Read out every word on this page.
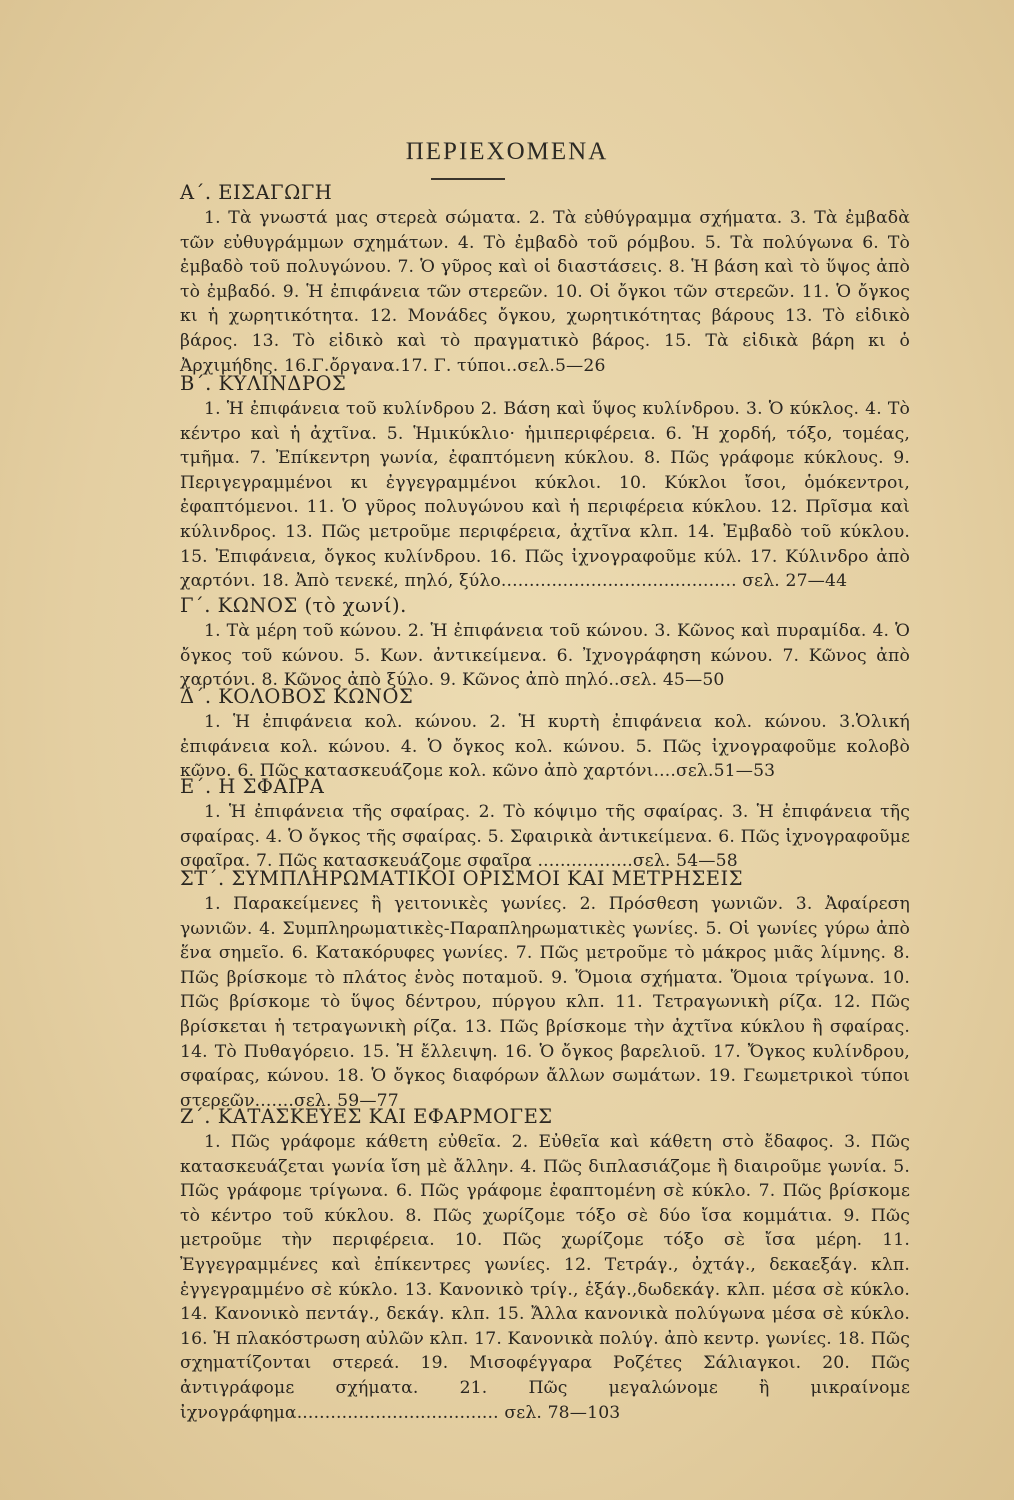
ΠΕΡΙΕΧΟΜΕΝΑ
Α΄. ΕΙΣΑΓΩΓΗ
1. Τὰ γνωστά μας στερεὰ σώματα. 2. Τὰ εὐθύγραμμα σχήματα. 3. Τὰ ἐμβαδὰ τῶν εὐθυγράμμων σχημάτων. 4. Τὸ ἐμβαδὸ τοῦ ρόμβου. 5. Τὰ πολύγωνα 6. Τὸ ἐμβαδὸ τοῦ πολυγώνου. 7. Ὁ γῦρος καὶ οἱ διαστάσεις. 8. Ἡ βάση καὶ τὸ ὕψος ἀπὸ τὸ ἐμβαδό. 9. Ἡ ἐπιφάνεια τῶν στερεῶν. 10. Οἱ ὄγκοι τῶν στερεῶν. 11. Ὁ ὄγκος κι ἡ χωρητικότητα. 12. Μονάδες ὄγκου, χωρητικότητας βάρους 13. Τὸ εἰδικὸ βάρος. 13. Τὸ εἰδικὸ καὶ τὸ πραγματικὸ βάρος. 15. Τὰ εἰδικὰ βάρη κι ὁ Ἀρχιμήδης. 16.Γ.ὄργανα.17. Γ. τύποι..σελ.5—26
Β΄. ΚΥΛΙΝΔΡΟΣ
1. Ἡ ἐπιφάνεια τοῦ κυλίνδρου 2. Βάση καὶ ὕψος κυλίνδρου. 3. Ὁ κύκλος. 4. Τὸ κέντρο καὶ ἡ ἀχτῖνα. 5. Ἡμικύκλιο· ἡμιπεριφέρεια. 6. Ἡ χορδή, τόξο, τομέας, τμῆμα. 7. Ἐπίκεντρη γωνία, ἐφαπτόμενη κύκλου. 8. Πῶς γράφομε κύκλους. 9. Περιγεγραμμένοι κι ἐγγεγραμμένοι κύκλοι. 10. Κύκλοι ἴσοι, ὁμόκεντροι, ἐφαπτόμενοι. 11. Ὁ γῦρος πολυγώνου καὶ ἡ περιφέρεια κύκλου. 12. Πρῖσμα καὶ κύλινδρος. 13. Πῶς μετροῦμε περιφέρεια, ἀχτῖνα κλπ. 14. Ἐμβαδὸ τοῦ κύκλου. 15. Ἐπιφάνεια, ὄγκος κυλίνδρου. 16. Πῶς ἰχνογραφοῦμε κύλ. 17. Κύλινδρο ἀπὸ χαρτόνι. 18. Ἀπὸ τενεκέ, πηλό, ξύλο.......................................... σελ. 27—44
Γ΄. ΚΩΝΟΣ (τὸ χωνί).
1. Τὰ μέρη τοῦ κώνου. 2. Ἡ ἐπιφάνεια τοῦ κώνου. 3. Κῶνος καὶ πυραμίδα. 4. Ὁ ὄγκος τοῦ κώνου. 5. Κων. ἀντικείμενα. 6. Ἰχνογράφηση κώνου. 7. Κῶνος ἀπὸ χαρτόνι. 8. Κῶνος ἀπὸ ξύλο. 9. Κῶνος ἀπὸ πηλό..σελ. 45—50
Δ΄. ΚΟΛΟΒΟΣ ΚΩΝΟΣ
1. Ἡ ἐπιφάνεια κολ. κώνου. 2. Ἡ κυρτὴ ἐπιφάνεια κολ. κώνου. 3.Ὁλική ἐπιφάνεια κολ. κώνου. 4. Ὁ ὄγκος κολ. κώνου. 5. Πῶς ἰχνογραφοῦμε κολοβὸ κῶνο. 6. Πῶς κατασκευάζομε κολ. κῶνο ἀπὸ χαρτόνι....σελ.51—53
Ε΄. Η ΣΦΑΙΡΑ
1. Ἡ ἐπιφάνεια τῆς σφαίρας. 2. Τὸ κόψιμο τῆς σφαίρας. 3. Ἡ ἐπιφάνεια τῆς σφαίρας. 4. Ὁ ὄγκος τῆς σφαίρας. 5. Σφαιρικὰ ἀντικείμενα. 6. Πῶς ἰχνογραφοῦμε σφαῖρα. 7. Πῶς κατασκευάζομε σφαῖρα .................σελ. 54—58
ΣΤ΄. ΣΥΜΠΛΗΡΩΜΑΤΙΚΟΙ ΟΡΙΣΜΟΙ ΚΑΙ ΜΕΤΡΗΣΕΙΣ
1. Παρακείμενες ἢ γειτονικὲς γωνίες. 2. Πρόσθεση γωνιῶν. 3. Ἀφαίρεση γωνιῶν. 4. Συμπληρωματικὲς-Παραπληρωματικὲς γωνίες. 5. Οἱ γωνίες γύρω ἀπὸ ἕνα σημεῖο. 6. Κατακόρυφες γωνίες. 7. Πῶς μετροῦμε τὸ μάκρος μιᾶς λίμνης. 8. Πῶς βρίσκομε τὸ πλάτος ἑνὸς ποταμοῦ. 9. Ὅμοια σχήματα. Ὅμοια τρίγωνα. 10. Πῶς βρίσκομε τὸ ὕψος δέντρου, πύργου κλπ. 11. Τετραγωνικὴ ρίζα. 12. Πῶς βρίσκεται ἡ τετραγωνικὴ ρίζα. 13. Πῶς βρίσκομε τὴν ἀχτῖνα κύκλου ἢ σφαίρας. 14. Τὸ Πυθαγόρειο. 15. Ἡ ἔλλειψη. 16. Ὁ ὄγκος βαρελιοῦ. 17. Ὄγκος κυλίνδρου, σφαίρας, κώνου. 18. Ὁ ὄγκος διαφόρων ἄλλων σωμάτων. 19. Γεωμετρικοὶ τύποι στερεῶν.......σελ. 59—77
Ζ΄. ΚΑΤΑΣΚΕΥΕΣ ΚΑΙ ΕΦΑΡΜΟΓΕΣ
1. Πῶς γράφομε κάθετη εὐθεῖα. 2. Εὐθεῖα καὶ κάθετη στὸ ἔδαφος. 3. Πῶς κατασκευάζεται γωνία ἴση μὲ ἄλλην. 4. Πῶς διπλασιάζομε ἢ διαιροῦμε γωνία. 5. Πῶς γράφομε τρίγωνα. 6. Πῶς γράφομε ἐφαπτομένη σὲ κύκλο. 7. Πῶς βρίσκομε τὸ κέντρο τοῦ κύκλου. 8. Πῶς χωρίζομε τόξο σὲ δύο ἴσα κομμάτια. 9. Πῶς μετροῦμε τὴν περιφέρεια. 10. Πῶς χωρίζομε τόξο σὲ ἴσα μέρη. 11. Ἐγγεγραμμένες καὶ ἐπίκεντρες γωνίες. 12. Τετράγ., ὀχτάγ., δεκαεξάγ. κλπ. ἐγγεγραμμένο σὲ κύκλο. 13. Κανονικὸ τρίγ., ἑξάγ.,δωδεκάγ. κλπ. μέσα σὲ κύκλο. 14. Κανονικὸ πεντάγ., δεκάγ. κλπ. 15. Ἄλλα κανονικὰ πολύγωνα μέσα σὲ κύκλο. 16. Ἡ πλακόστρωση αὐλῶν κλπ. 17. Κανονικὰ πολύγ. ἀπὸ κεντρ. γωνίες. 18. Πῶς σχηματίζονται στερεά. 19. Μισοφέγγαρα Ροζέτες Σάλιαγκοι. 20. Πῶς ἀντιγράφομε σχήματα. 21. Πῶς μεγαλώνομε ἢ μικραίνομε ἰχνογράφημα.................................... σελ. 78—103
